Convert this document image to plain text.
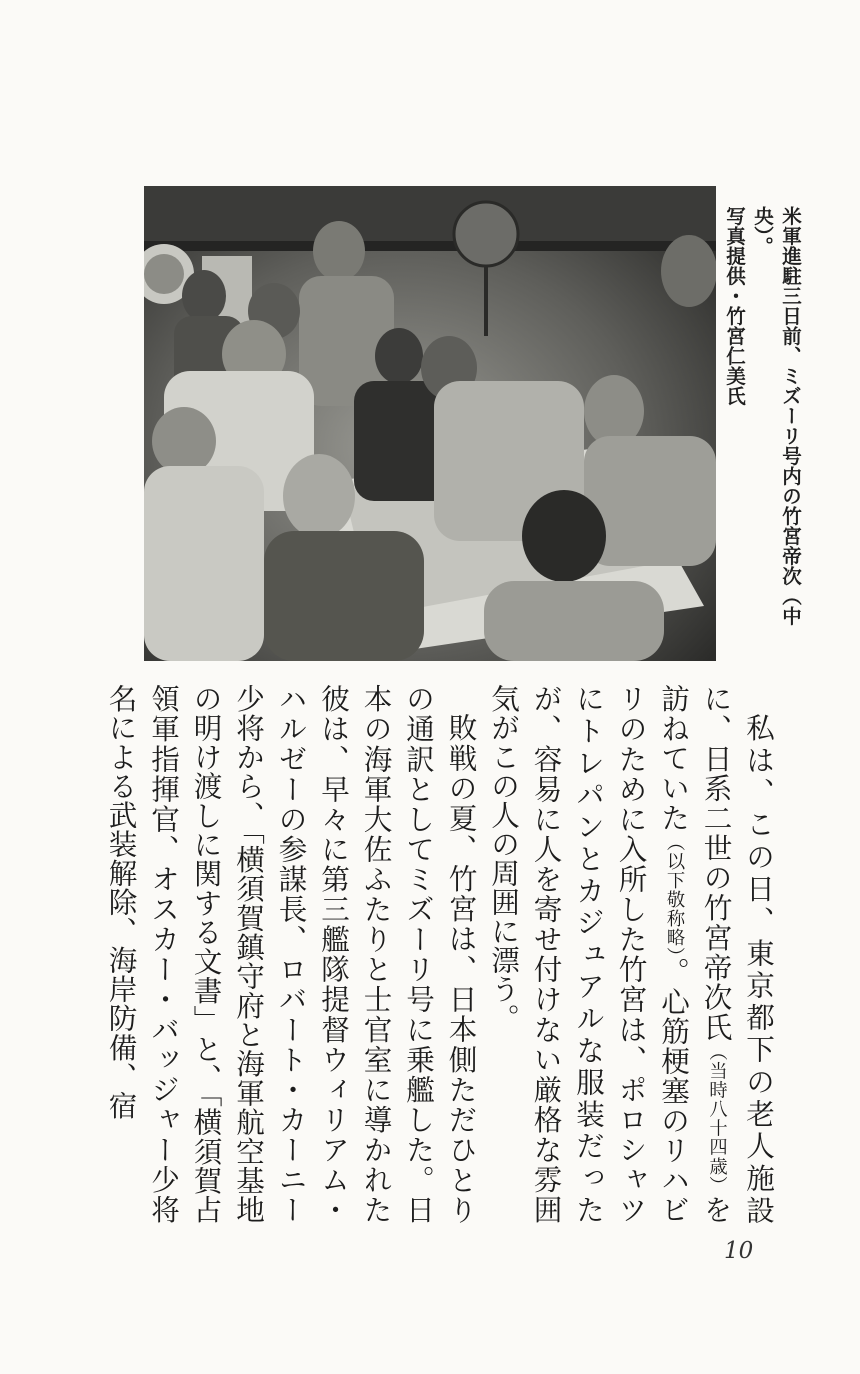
米軍進駐三日前、ミズーリ号内の竹宮帝次（中央）。
写真提供・竹宮仁美氏

私は、この日、東京都下の老人施設に、日系二世の竹宮帝次氏（当時八十四歳）を訪ねていた（以下敬称略）。心筋梗塞のリハビリのために入所した竹宮は、ポロシャツにトレパンとカジュアルな服装だったが、容易に人を寄せ付けない厳格な雰囲気がこの人の周囲に漂う。

敗戦の夏、竹宮は、日本側ただひとりの通訳としてミズーリ号に乗艦した。日本の海軍大佐ふたりと士官室に導かれた彼は、早々に第三艦隊提督ウィリアム・ハルゼーの参謀長、ロバート・カーニー少将から、「横須賀鎮守府と海軍航空基地の明け渡しに関する文書」と、「横須賀占領軍指揮官、オスカー・バッジャー少将名による武装解除、海岸防備、宿

10
